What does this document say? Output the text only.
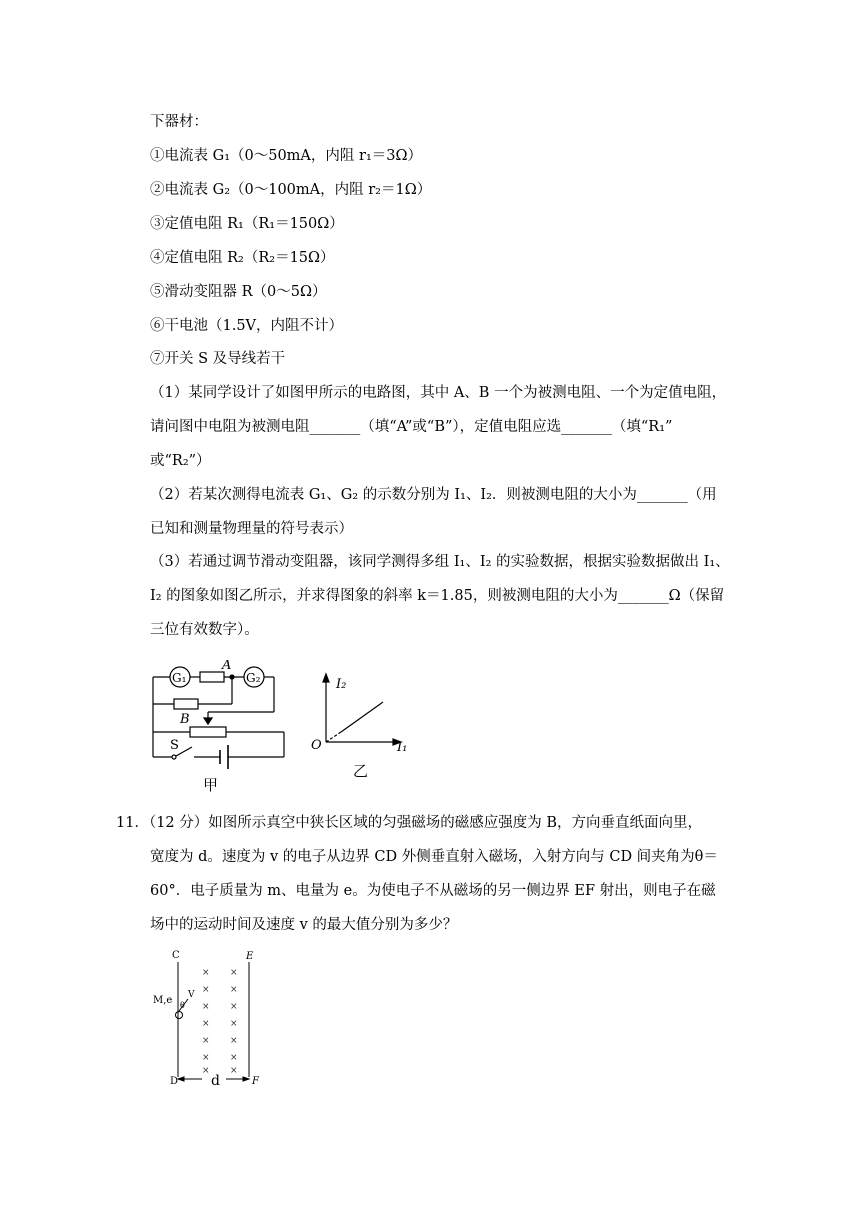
下器材：
①电流表 G₁（0～50mA，内阻 r₁＝3Ω）
②电流表 G₂（0～100mA，内阻 r₂＝1Ω）
③定值电阻 R₁（R₁＝150Ω）
④定值电阻 R₂（R₂＝15Ω）
⑤滑动变阻器 R（0～5Ω）
⑥干电池（1.5V，内阻不计）
⑦开关 S 及导线若干
（1）某同学设计了如图甲所示的电路图，其中 A、B 一个为被测电阻、一个为定值电阻，
请问图中电阻为被测电阻_______（填“A”或“B”），定值电阻应选_______（填“R₁”
或“R₂”）
（2）若某次测得电流表 G₁、G₂ 的示数分别为 I₁、I₂．则被测电阻的大小为_______（用
已知和测量物理量的符号表示）
（3）若通过调节滑动变阻器，该同学测得多组 I₁、I₂ 的实验数据，根据实验数据做出 I₁、
I₂ 的图象如图乙所示，并求得图象的斜率 k＝1.85，则被测电阻的大小为_______Ω（保留
三位有效数字）。
G₁	G₂
A
B
S
甲
I₂
I₁
O
乙
11．（12 分）如图所示真空中狭长区域的匀强磁场的磁感应强度为 B，方向垂直纸面向里，
宽度为 d。速度为 v 的电子从边界 CD 外侧垂直射入磁场，入射方向与 CD 间夹角为θ＝
60°．电子质量为 m、电量为 e。为使电子不从磁场的另一侧边界 EF 射出，则电子在磁
场中的运动时间及速度 v 的最大值分别为多少？
C	E
M,e V
θ
D d	F
× ×
× ×
× ×
× ×
× ×
× ×
× ×
